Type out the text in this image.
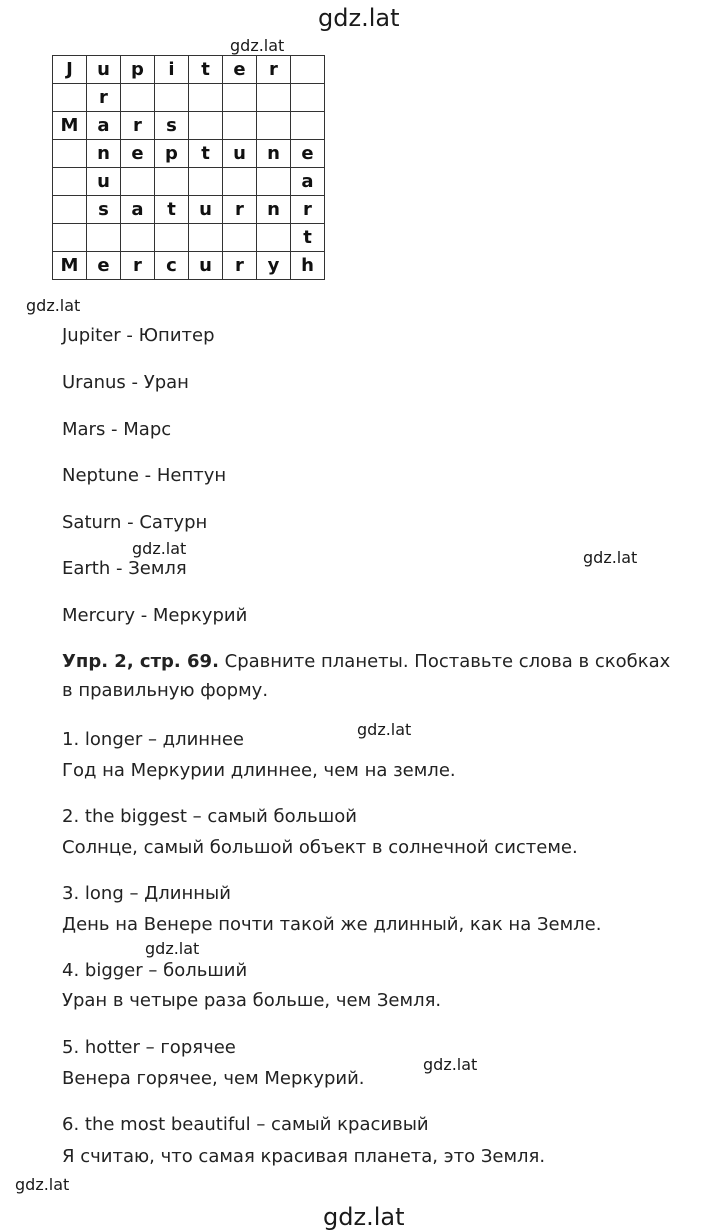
gdz.lat
gdz.lat
gdz.lat
gdz.lat	gdz.lat
gdz.lat
gdz.lat
gdz.lat
gdz.lat
gdz.lat
J	u	p	i	t	e	r	
	r						
M	a	r	s				
	n	e	p	t	u	n	e
	u						a
	s	a	t	u	r	n	r
							t
M	e	r	c	u	r	y	h
Jupiter - Юпитер
Uranus - Уран
Mars - Марс
Neptune - Нептун
Saturn - Сатурн
Earth - Земля
Mercury - Меркурий
Упр. 2, стр. 69. Сравните планеты. Поставьте слова в скобках в правильную форму.
1. longer – длиннее
Год на Меркурии длиннее, чем на земле.
2. the biggest – самый большой
Солнце, самый большой объект в солнечной системе.
3. long – Длинный
День на Венере почти такой же длинный, как на Земле.
4. bigger – больший
Уран в четыре раза больше, чем Земля.
5. hotter – горячее
Венера горячее, чем Меркурий.
6. the most beautiful – самый красивый
Я считаю, что самая красивая планета, это Земля.
